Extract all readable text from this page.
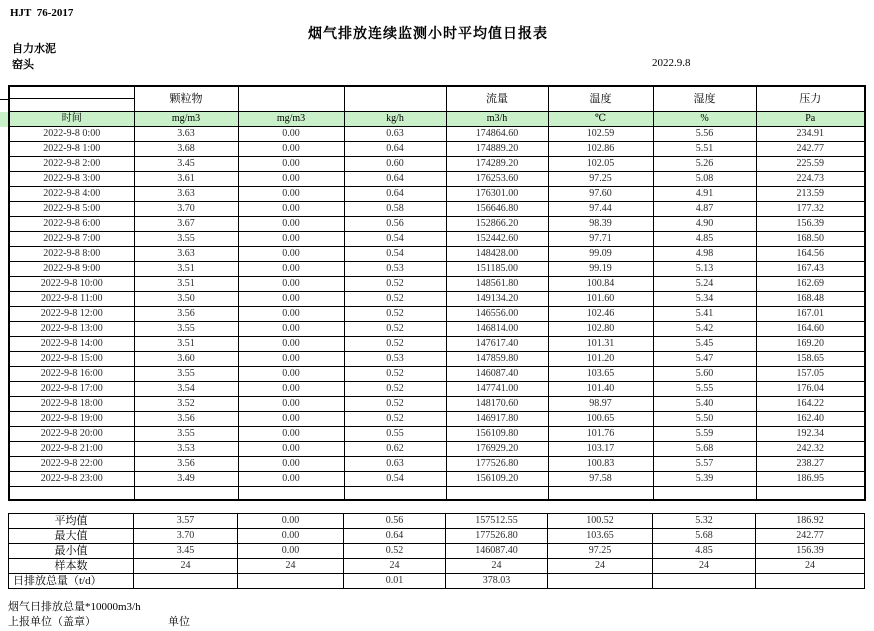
HJT  76-2017
烟气排放连续监测小时平均值日报表
自力水泥
窑头	2022.9.8
	颗粒物			流量	温度	湿度	压力

时间	mg/m3	mg/m3	kg/h	m3/h	℃	%	Pa
2022-9-8 0:00	3.63	0.00	0.63	174864.60	102.59	5.56	234.91
2022-9-8 1:00	3.68	0.00	0.64	174889.20	102.86	5.51	242.77
2022-9-8 2:00	3.45	0.00	0.60	174289.20	102.05	5.26	225.59
2022-9-8 3:00	3.61	0.00	0.64	176253.60	97.25	5.08	224.73
2022-9-8 4:00	3.63	0.00	0.64	176301.00	97.60	4.91	213.59
2022-9-8 5:00	3.70	0.00	0.58	156646.80	97.44	4.87	177.32
2022-9-8 6:00	3.67	0.00	0.56	152866.20	98.39	4.90	156.39
2022-9-8 7:00	3.55	0.00	0.54	152442.60	97.71	4.85	168.50
2022-9-8 8:00	3.63	0.00	0.54	148428.00	99.09	4.98	164.56
2022-9-8 9:00	3.51	0.00	0.53	151185.00	99.19	5.13	167.43
2022-9-8 10:00	3.51	0.00	0.52	148561.80	100.84	5.24	162.69
2022-9-8 11:00	3.50	0.00	0.52	149134.20	101.60	5.34	168.48
2022-9-8 12:00	3.56	0.00	0.52	146556.00	102.46	5.41	167.01
2022-9-8 13:00	3.55	0.00	0.52	146814.00	102.80	5.42	164.60
2022-9-8 14:00	3.51	0.00	0.52	147617.40	101.31	5.45	169.20
2022-9-8 15:00	3.60	0.00	0.53	147859.80	101.20	5.47	158.65
2022-9-8 16:00	3.55	0.00	0.52	146087.40	103.65	5.60	157.05
2022-9-8 17:00	3.54	0.00	0.52	147741.00	101.40	5.55	176.04
2022-9-8 18:00	3.52	0.00	0.52	148170.60	98.97	5.40	164.22
2022-9-8 19:00	3.56	0.00	0.52	146917.80	100.65	5.50	162.40
2022-9-8 20:00	3.55	0.00	0.55	156109.80	101.76	5.59	192.34
2022-9-8 21:00	3.53	0.00	0.62	176929.20	103.17	5.68	242.32
2022-9-8 22:00	3.56	0.00	0.63	177526.80	100.83	5.57	238.27
2022-9-8 23:00	3.49	0.00	0.54	156109.20	97.58	5.39	186.95

平均值	3.57	0.00	0.56	157512.55	100.52	5.32	186.92
最大值	3.70	0.00	0.64	177526.80	103.65	5.68	242.77
最小值	3.45	0.00	0.52	146087.40	97.25	4.85	156.39
样本数	24	24	24	24	24	24	24
日排放总量（t/d）			0.01	378.03			
烟气日排放总量*10000m3/h
上报单位（盖章）	单位
